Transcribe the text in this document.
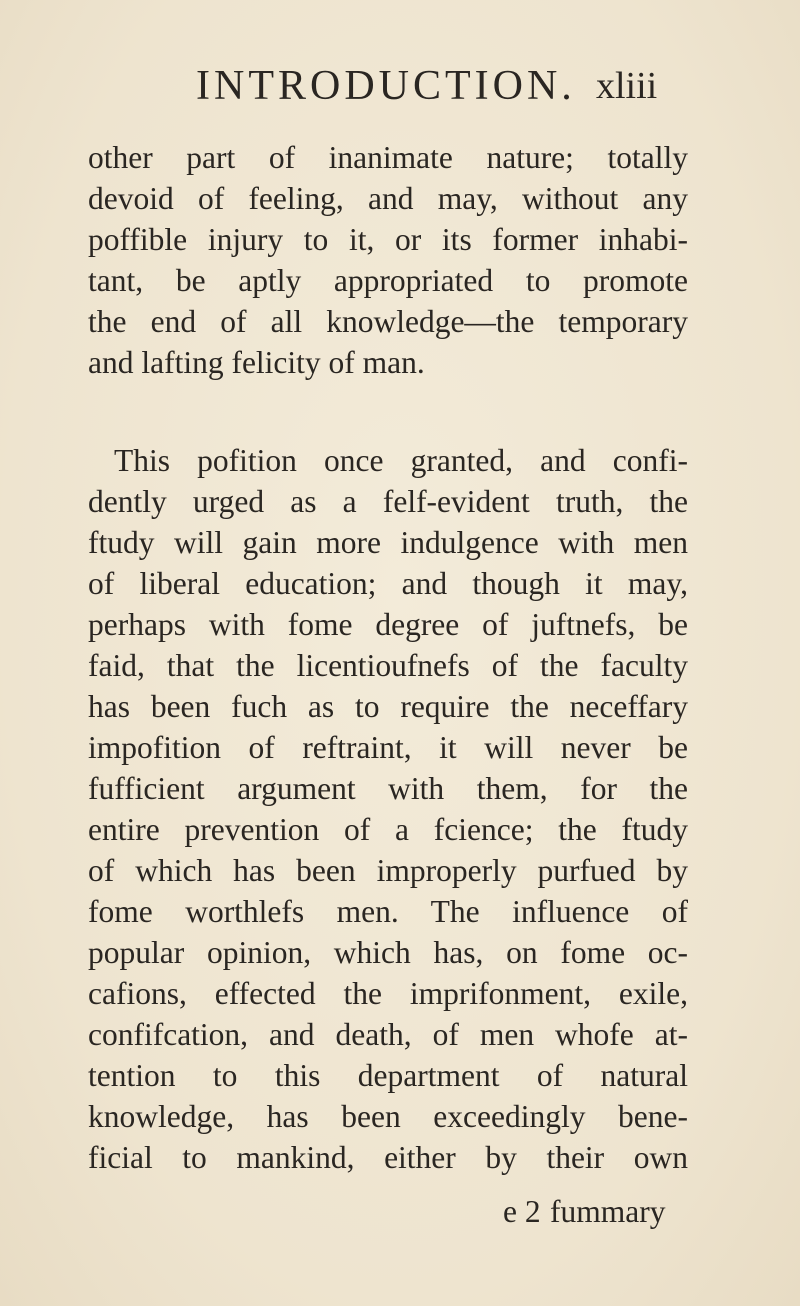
INTRODUCTION. xliii
other part of inanimate nature; totally
devoid of feeling, and may, without any
poffible injury to it, or its former inhabi-
tant, be aptly appropriated to promote
the end of all knowledge—the temporary
and lafting felicity of man.
This pofition once granted, and confi-
dently urged as a felf-evident truth, the
ftudy will gain more indulgence with men
of liberal education; and though it may,
perhaps with fome degree of juftnefs, be
faid, that the licentioufnefs of the faculty
has been fuch as to require the neceffary
impofition of reftraint, it will never be
fufficient argument with them, for the
entire prevention of a fcience; the ftudy
of which has been improperly purfued by
fome worthlefs men. The influence of
popular opinion, which has, on fome oc-
cafions, effected the imprifonment, exile,
confifcation, and death, of men whofe at-
tention to this department of natural
knowledge, has been exceedingly bene-
ficial to mankind, either by their own
e 2 fummary
